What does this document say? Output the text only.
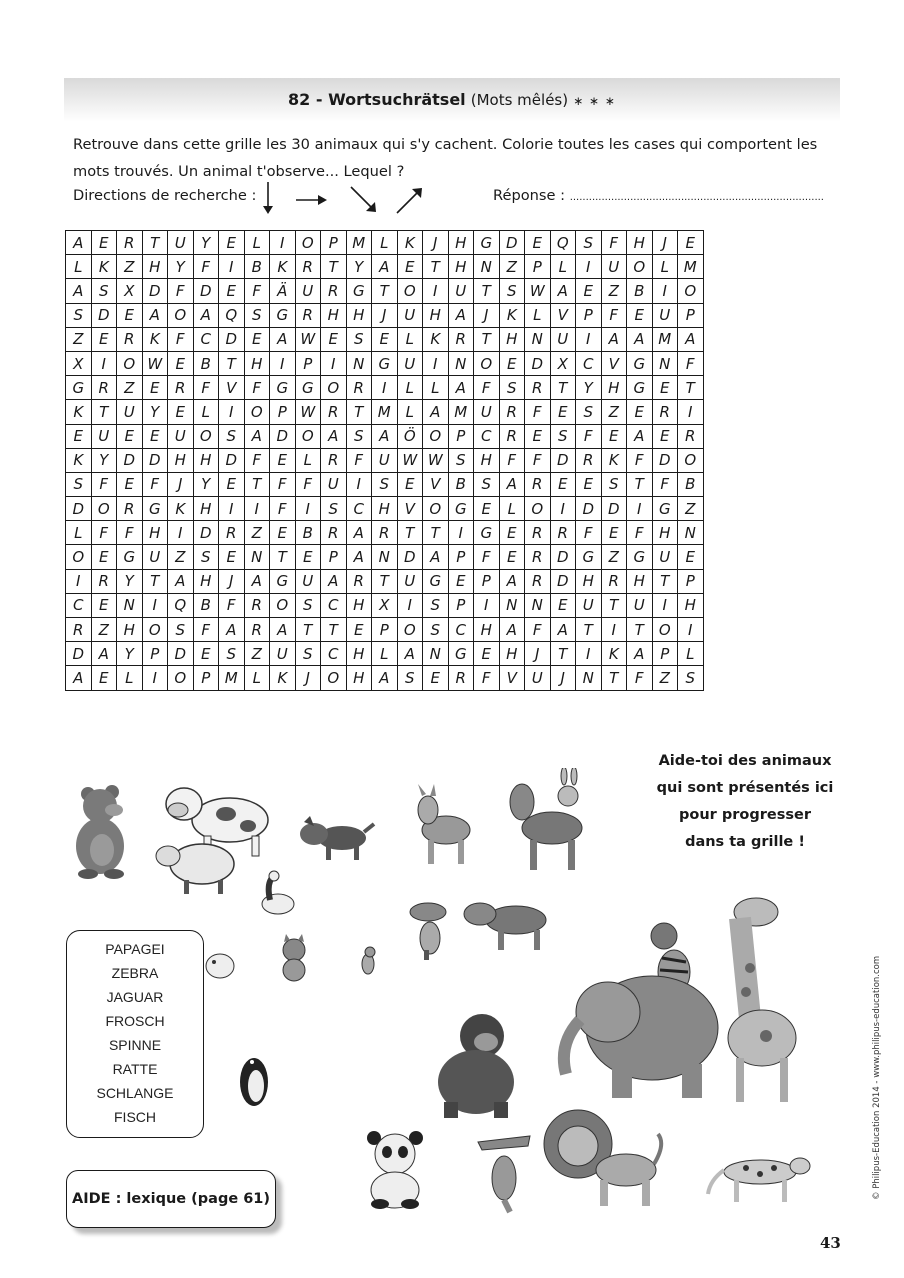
82 - Wortsuchrätsel (Mots mêlés) ∗ ∗ ∗
Retrouve dans cette grille les 30 animaux qui s'y cachent. Colorie toutes les cases qui comportent les mots trouvés. Un animal t'observe... Lequel ?
Directions de recherche :	Réponse : ................................................................................
A	E	R	T	U	Y	E	L	I	O	P	M	L	K	J	H	G	D	E	Q	S	F	H	J	E
L	K	Z	H	Y	F	I	B	K	R	T	Y	A	E	T	H	N	Z	P	L	I	U	O	L	M
A	S	X	D	F	D	E	F	Ä	U	R	G	T	O	I	U	T	S	W	A	E	Z	B	I	O
S	D	E	A	O	A	Q	S	G	R	H	H	J	U	H	A	J	K	L	V	P	F	E	U	P
Z	E	R	K	F	C	D	E	A	W	E	S	E	L	K	R	T	H	N	U	I	A	A	M	A
X	I	O	W	E	B	T	H	I	P	I	N	G	U	I	N	O	E	D	X	C	V	G	N	F
G	R	Z	E	R	F	V	F	G	G	O	R	I	L	L	A	F	S	R	T	Y	H	G	E	T
K	T	U	Y	E	L	I	O	P	W	R	T	M	L	A	M	U	R	F	E	S	Z	E	R	I
E	U	E	E	U	O	S	A	D	O	A	S	A	Ö	O	P	C	R	E	S	F	E	A	E	R
K	Y	D	D	H	H	D	F	E	L	R	F	U	W	W	S	H	F	F	D	R	K	F	D	O
S	F	E	F	J	Y	E	T	F	F	U	I	S	E	V	B	S	A	R	E	E	S	T	F	B
D	O	R	G	K	H	I	I	F	I	S	C	H	V	O	G	E	L	O	I	D	D	I	G	Z
L	F	F	H	I	D	R	Z	E	B	R	A	R	T	T	I	G	E	R	R	F	E	F	H	N
O	E	G	U	Z	S	E	N	T	E	P	A	N	D	A	P	F	E	R	D	G	Z	G	U	E
I	R	Y	T	A	H	J	A	G	U	A	R	T	U	G	E	P	A	R	D	H	R	H	T	P
C	E	N	I	Q	B	F	R	O	S	C	H	X	I	S	P	I	N	N	E	U	T	U	I	H
R	Z	H	O	S	F	A	R	A	T	T	E	P	O	S	C	H	A	F	A	T	I	T	O	I
D	A	Y	P	D	E	S	Z	U	S	C	H	L	A	N	G	E	H	J	T	I	K	A	P	L
A	E	L	I	O	P	M	L	K	J	O	H	A	S	E	R	F	V	U	J	N	T	F	Z	S
Aide-toi des animaux
qui sont présentés ici
pour progresser
dans ta grille !
PAPAGEI
ZEBRA
JAGUAR
FROSCH
SPINNE
RATTE
SCHLANGE
FISCH
AIDE : lexique (page 61)	© Philipus-Education 2014 - www.philipus-education.com
43
